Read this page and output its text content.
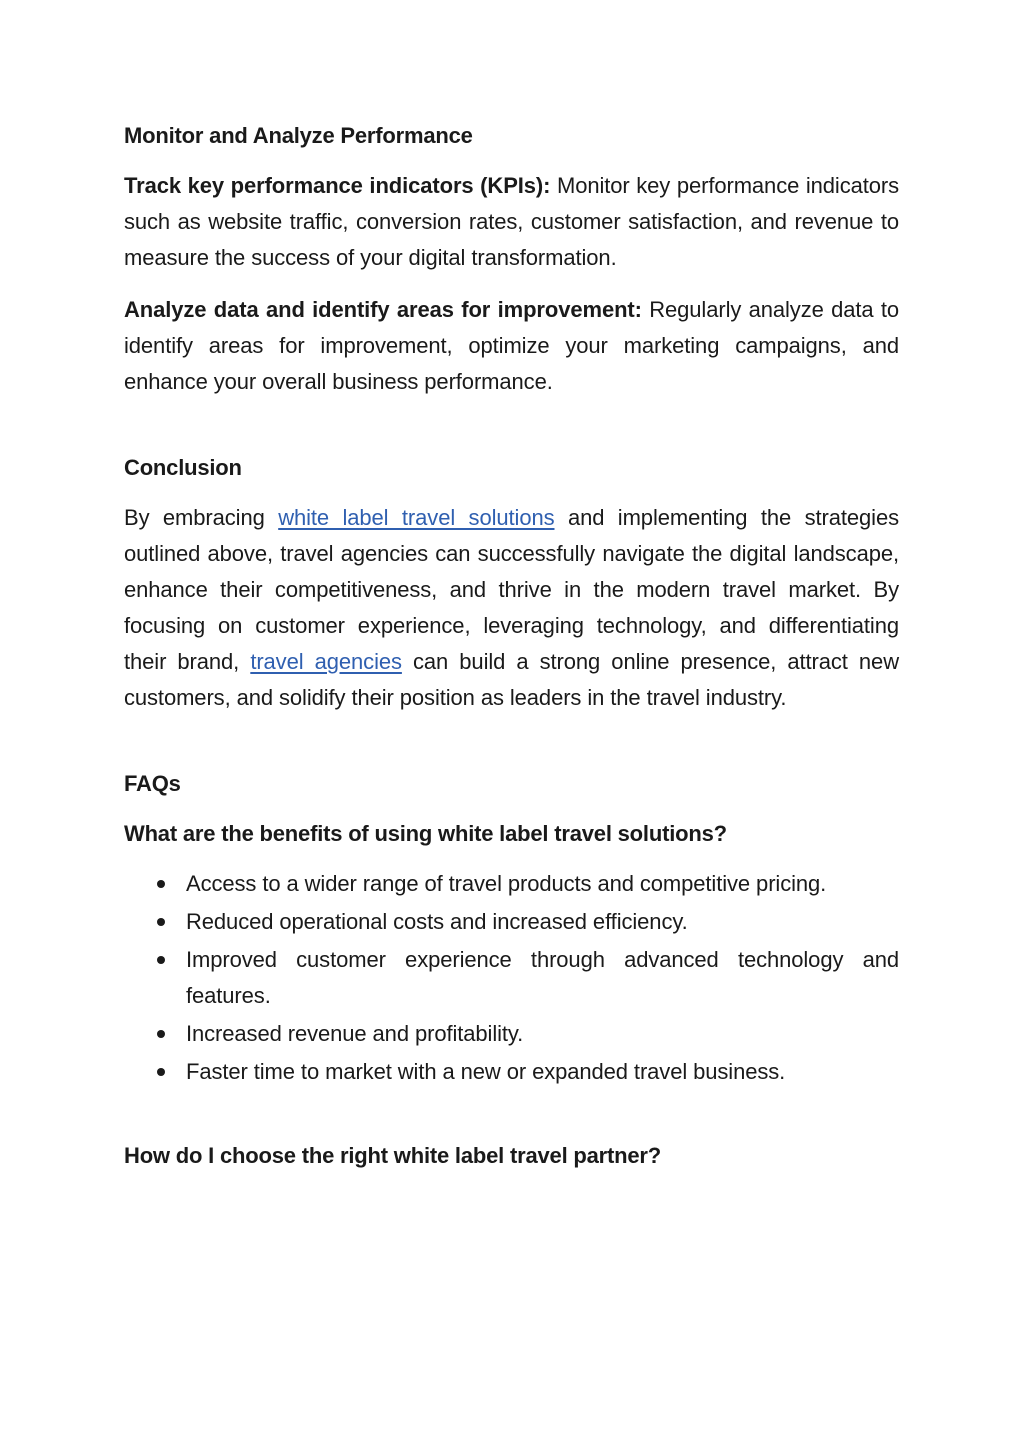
Monitor and Analyze Performance

Track key performance indicators (KPIs): Monitor key performance indicators such as website traffic, conversion rates, customer satisfaction, and revenue to measure the success of your digital transformation.

Analyze data and identify areas for improvement: Regularly analyze data to identify areas for improvement, optimize your marketing campaigns, and enhance your overall business performance.

Conclusion

By embracing white label travel solutions and implementing the strategies outlined above, travel agencies can successfully navigate the digital landscape, enhance their competitiveness, and thrive in the modern travel market. By focusing on customer experience, leveraging technology, and differentiating their brand, travel agencies can build a strong online presence, attract new customers, and solidify their position as leaders in the travel industry.

FAQs
What are the benefits of using white label travel solutions?
Access to a wider range of travel products and competitive pricing.
Reduced operational costs and increased efficiency.
Improved customer experience through advanced technology and features.
Increased revenue and profitability.
Faster time to market with a new or expanded travel business.
How do I choose the right white label travel partner?
